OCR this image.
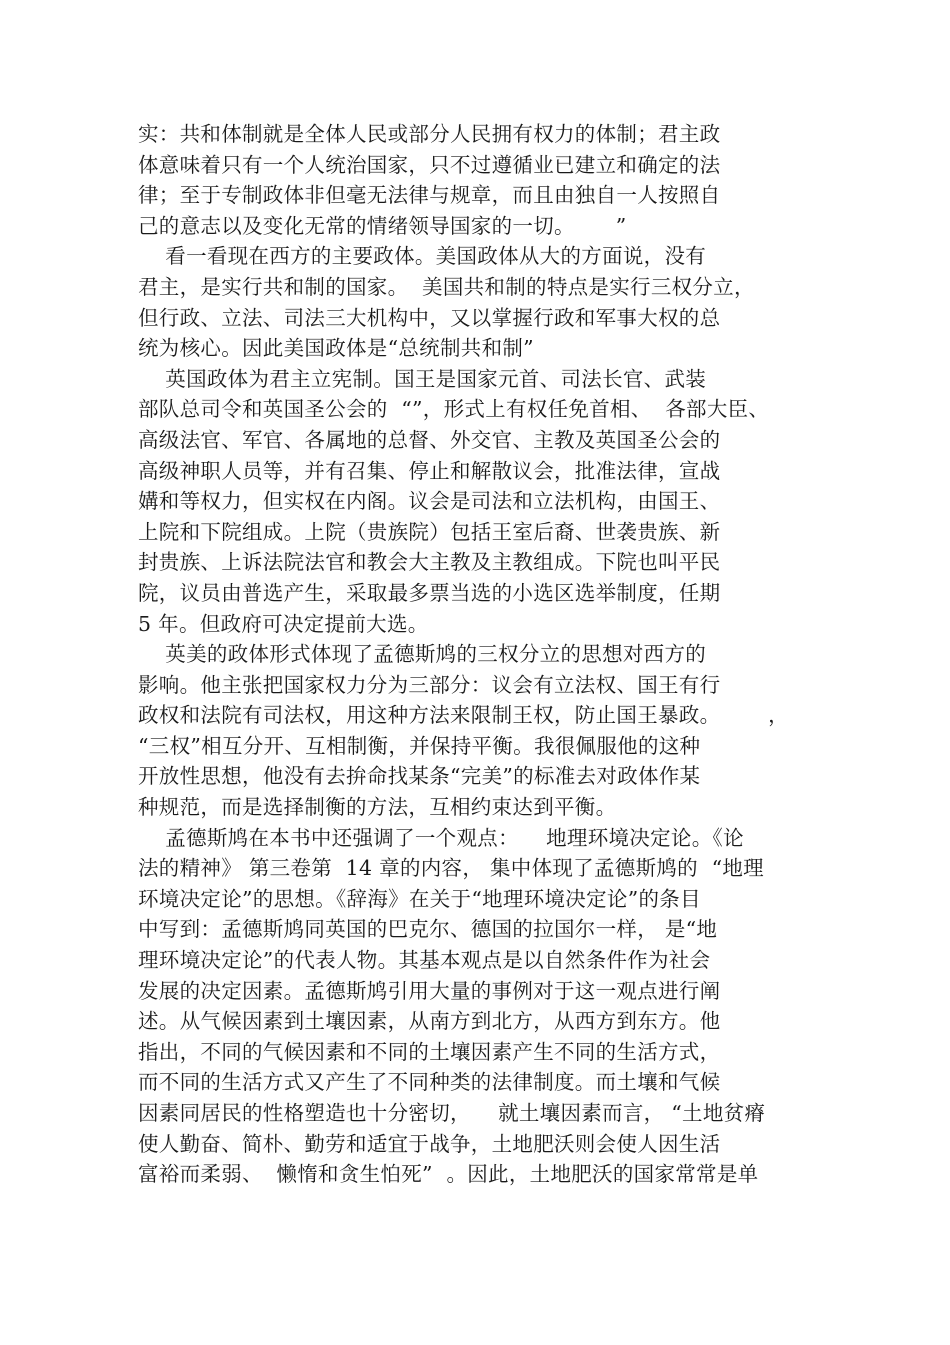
实：共和体制就是全体人民或部分人民拥有权力的体制；君主政
体意味着只有一个人统治国家，只不过遵循业已建立和确定的法
律；至于专制政体非但毫无法律与规章，而且由独自一人按照自
己的意志以及变化无常的情绪领导国家的一切。      ”
看一看现在西方的主要政体。美国政体从大的方面说，没有
君主，是实行共和制的国家。  美国共和制的特点是实行三权分立，
但行政、立法、司法三大机构中，又以掌握行政和军事大权的总
统为核心。因此美国政体是“总统制共和制”
英国政体为君主立宪制。国王是国家元首、司法长官、武装
部队总司令和英国圣公会的  “”，形式上有权任免首相、  各部大臣、
高级法官、军官、各属地的总督、外交官、主教及英国圣公会的
高级神职人员等，并有召集、停止和解散议会，批准法律，宣战
媾和等权力，但实权在内阁。议会是司法和立法机构，由国王、
上院和下院组成。上院（贵族院）包括王室后裔、世袭贵族、新
封贵族、上诉法院法官和教会大主教及主教组成。下院也叫平民
院，议员由普选产生，采取最多票当选的小选区选举制度，任期
5 年。但政府可决定提前大选。
英美的政体形式体现了孟德斯鸠的三权分立的思想对西方的
影响。他主张把国家权力分为三部分：议会有立法权、国王有行
政权和法院有司法权，用这种方法来限制王权，防止国王暴政。       ，
“三权”相互分开、互相制衡，并保持平衡。我很佩服他的这种
开放性思想，他没有去拚命找某条“完美”的标准去对政体作某
种规范，而是选择制衡的方法，互相约束达到平衡。
孟德斯鸠在本书中还强调了一个观点：    地理环境决定论。《论
法的精神》 第三卷第  14 章的内容， 集中体现了孟德斯鸠的  “地理
环境决定论”的思想。《辞海》在关于“地理环境决定论”的条目
中写到：孟德斯鸠同英国的巴克尔、德国的拉国尔一样， 是“地
理环境决定论”的代表人物。其基本观点是以自然条件作为社会
发展的决定因素。孟德斯鸠引用大量的事例对于这一观点进行阐
述。从气候因素到土壤因素，从南方到北方，从西方到东方。他
指出，不同的气候因素和不同的土壤因素产生不同的生活方式，
而不同的生活方式又产生了不同种类的法律制度。而土壤和气候
因素同居民的性格塑造也十分密切，    就土壤因素而言， “土地贫瘠
使人勤奋、简朴、勤劳和适宜于战争，土地肥沃则会使人因生活
富裕而柔弱、  懒惰和贪生怕死”  。因此，土地肥沃的国家常常是单
